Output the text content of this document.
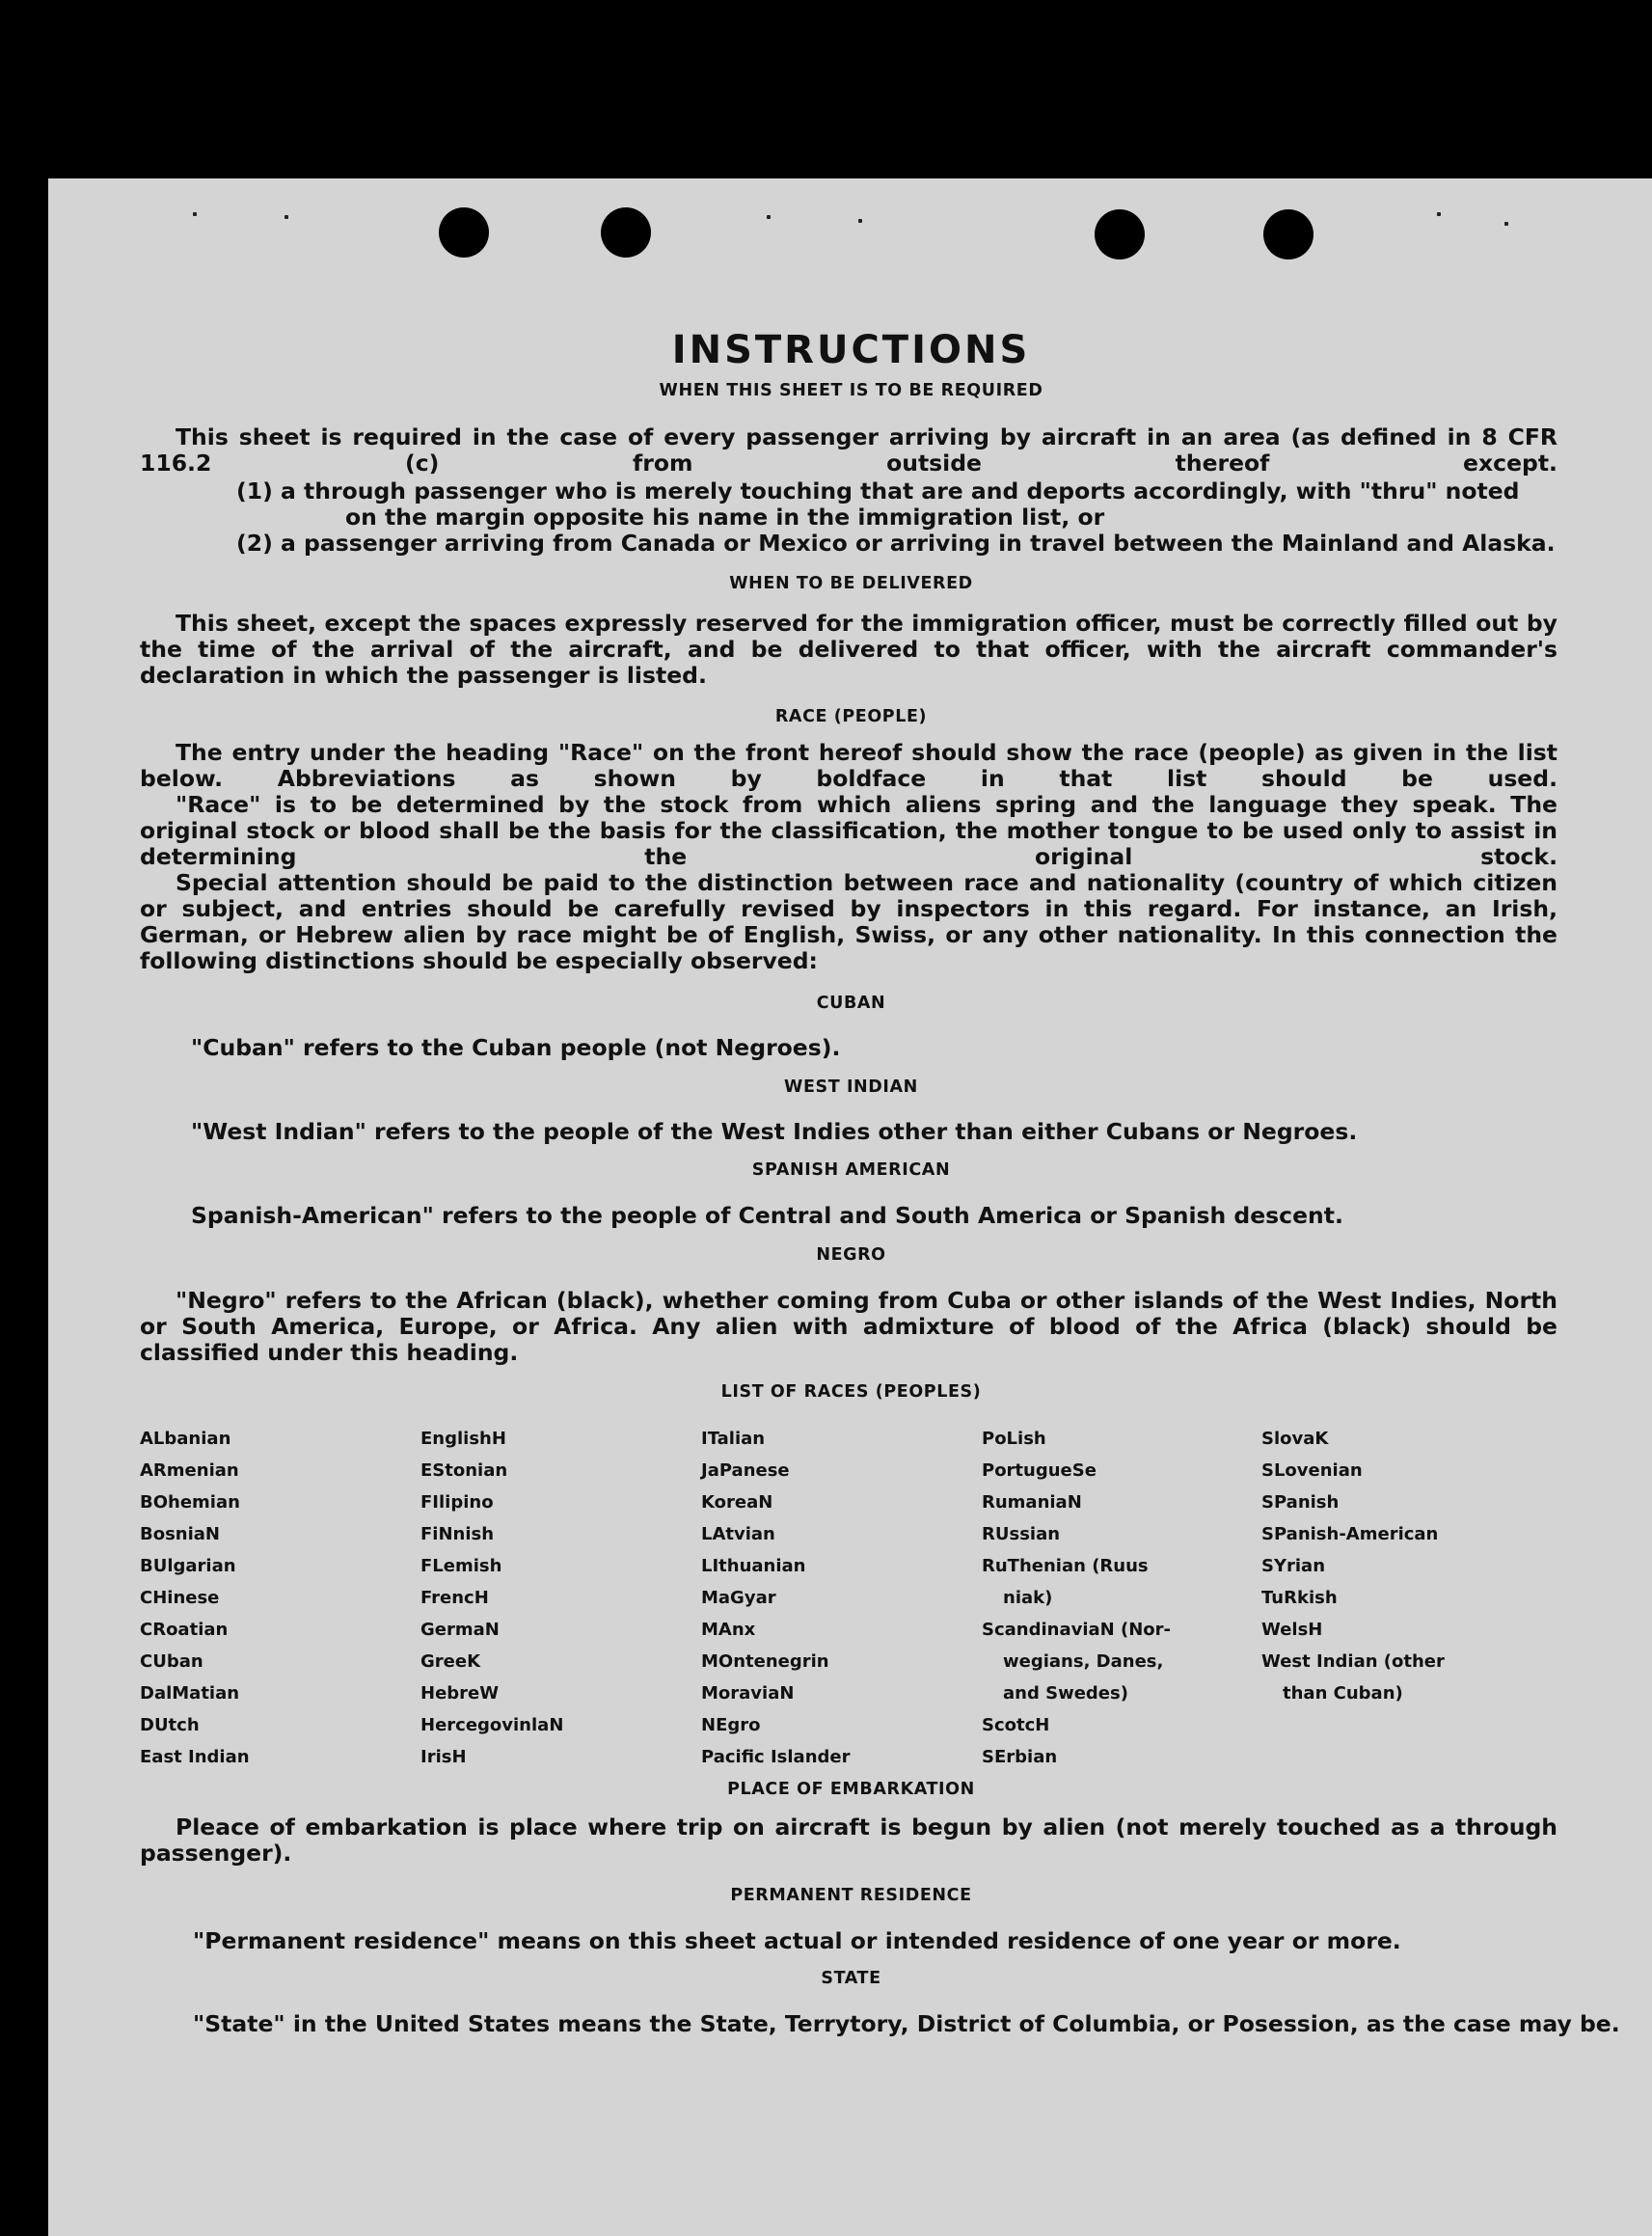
INSTRUCTIONS
WHEN THIS SHEET IS TO BE REQUIRED
This sheet is required in the case of every passenger arriving by aircraft in an area (as defined in 8 CFR 116.2 (c) from outside thereof except.
(1) a through passenger who is merely touching that are and deports accordingly, with "thru" noted
on the margin opposite his name in the immigration list, or
(2) a passenger arriving from Canada or Mexico or arriving in travel between the Mainland and Alaska.
WHEN TO BE DELIVERED
This sheet, except the spaces expressly reserved for the immigration officer, must be correctly filled out by the time of the arrival of the aircraft, and be delivered to that officer, with the aircraft commander's declaration in which the passenger is listed.
RACE (PEOPLE)
The entry under the heading "Race" on the front hereof should show the race (people) as given in the list below. Abbreviations as shown by boldface in that list should be used.
"Race" is to be determined by the stock from which aliens spring and the language they speak. The original stock or blood shall be the basis for the classification, the mother tongue to be used only to assist in determining the original stock.
Special attention should be paid to the distinction between race and nationality (country of which citizen or subject, and entries should be carefully revised by inspectors in this regard. For instance, an Irish, German, or Hebrew alien by race might be of English, Swiss, or any other nationality. In this connection the following distinctions should be especially observed:
CUBAN
"Cuban" refers to the Cuban people (not Negroes).
WEST INDIAN
"West Indian" refers to the people of the West Indies other than either Cubans or Negroes.
SPANISH AMERICAN
Spanish-American" refers to the people of Central and South America or Spanish descent.
NEGRO
"Negro" refers to the African (black), whether coming from Cuba or other islands of the West Indies, North or South America, Europe, or Africa. Any alien with admixture of blood of the Africa (black) should be classified under this heading.
LIST OF RACES (PEOPLES)
ALbanian
ARmenian
BOhemian
BosniaN
BUlgarian
CHinese
CRoatian
CUban
DalMatian
DUtch
East Indian
EnglishH
EStonian
FIlipino
FiNnish
FLemish
FrencH
GermaN
GreeK
HebreW
HercegovinlaN
IrisH
ITalian
JaPanese
KoreaN
LAtvian
LIthuanian
MaGyar
MAnx
MOntenegrin
MoraviaN
NEgro
Pacific Islander
PoLish
PortugueSe
RumaniaN
RUssian
RuThenian (Ruus
niak)
ScandinaviaN (Nor-
wegians, Danes,
and Swedes)
ScotcH
SErbian
SlovaK
SLovenian
SPanish
SPanish-American
SYrian
TuRkish
WelsH
West Indian (other
than Cuban)
PLACE OF EMBARKATION
Pleace of embarkation is place where trip on aircraft is begun by alien (not merely touched as a through passenger).
PERMANENT RESIDENCE
"Permanent residence" means on this sheet actual or intended residence of one year or more.
STATE
"State" in the United States means the State, Terrytory, District of Columbia, or Posession, as the case may be.
